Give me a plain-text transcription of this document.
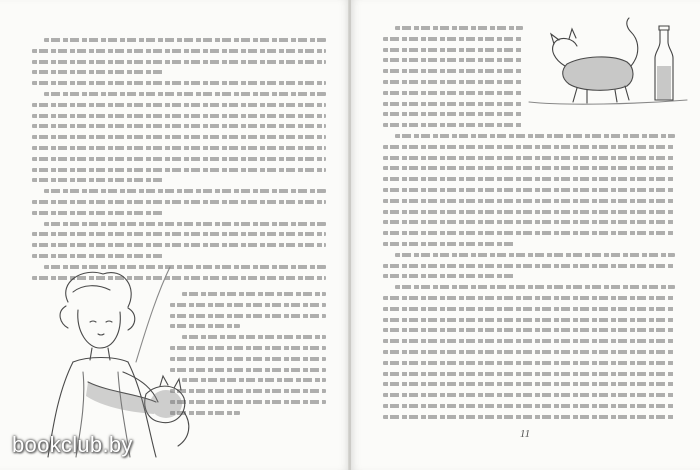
11
bookclub.by
